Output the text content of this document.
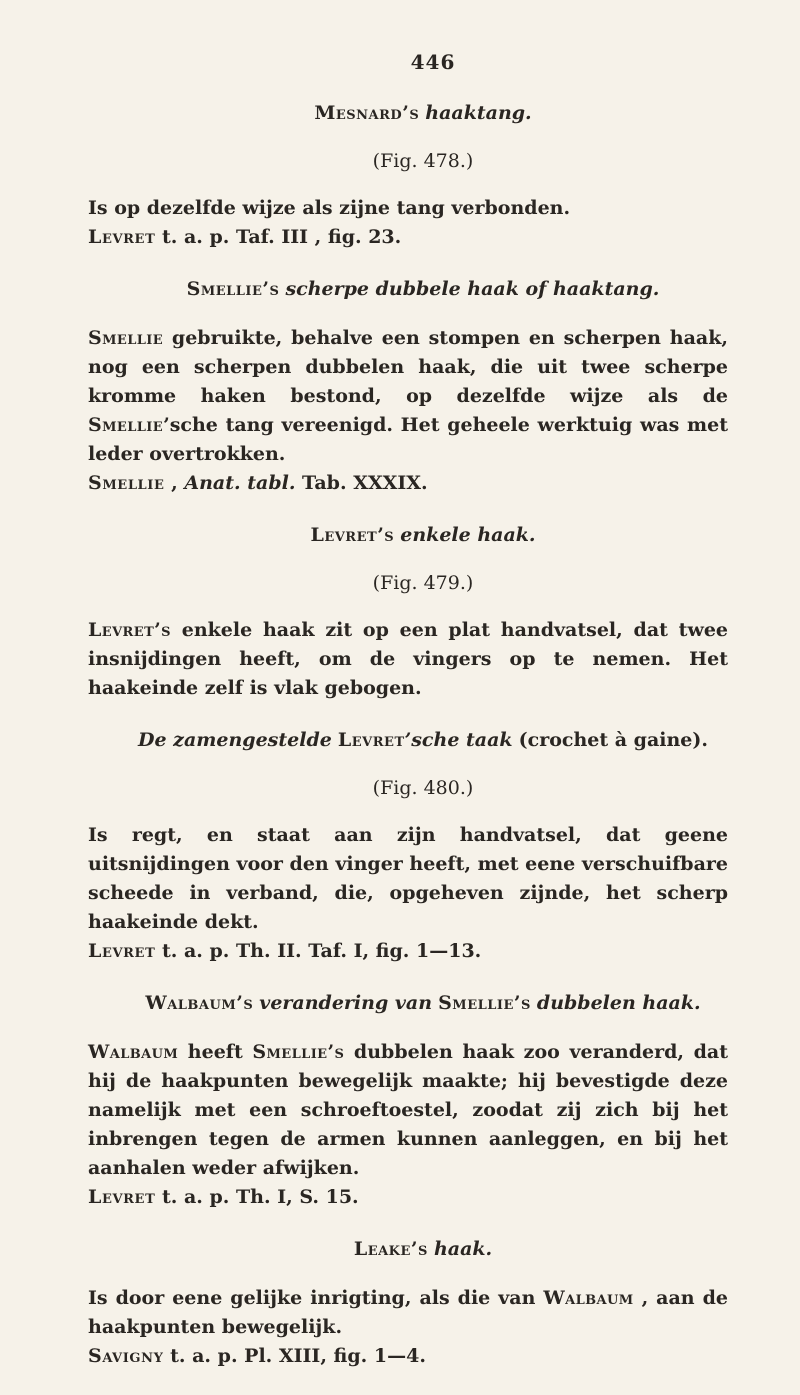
446
Mesnard’s haaktang.
(Fig. 478.)

Is op dezelfde wijze als zijne tang verbonden.

Levret t. a. p. Taf. III , fig. 23.

Smellie’s scherpe dubbele haak of haaktang.

Smellie gebruikte, behalve een stompen en scherpen haak, nog een scherpen dubbelen haak, die uit twee scherpe kromme haken bestond, op dezelfde wijze als de Smellie’sche tang vereenigd. Het geheele werktuig was met leder overtrokken.

Smellie , Anat. tabl. Tab. XXXIX.

Levret’s enkele haak.
(Fig. 479.)

Levret’s enkele haak zit op een plat handvatsel, dat twee insnijdingen heeft, om de vingers op te nemen. Het haakeinde zelf is vlak gebogen.

De zamengestelde Levret’sche taak (crochet à gaine).
(Fig. 480.)

Is regt, en staat aan zijn handvatsel, dat geene uitsnijdingen voor den vinger heeft, met eene verschuifbare scheede in verband, die, opgeheven zijnde, het scherp haakeinde dekt.

Levret t. a. p. Th. II. Taf. I, fig. 1—13.

Walbaum’s verandering van Smellie’s dubbelen haak.

Walbaum heeft Smellie’s dubbelen haak zoo veranderd, dat hij de haakpunten bewegelijk maakte; hij bevestigde deze namelijk met een schroeftoestel, zoodat zij zich bij het inbrengen tegen de armen kunnen aanleggen, en bij het aanhalen weder afwijken.

Levret t. a. p. Th. I, S. 15.

Leake’s haak.

Is door eene gelijke inrigting, als die van Walbaum , aan de haakpunten bewegelijk.

Savigny t. a. p. Pl. XIII, fig. 1—4.
